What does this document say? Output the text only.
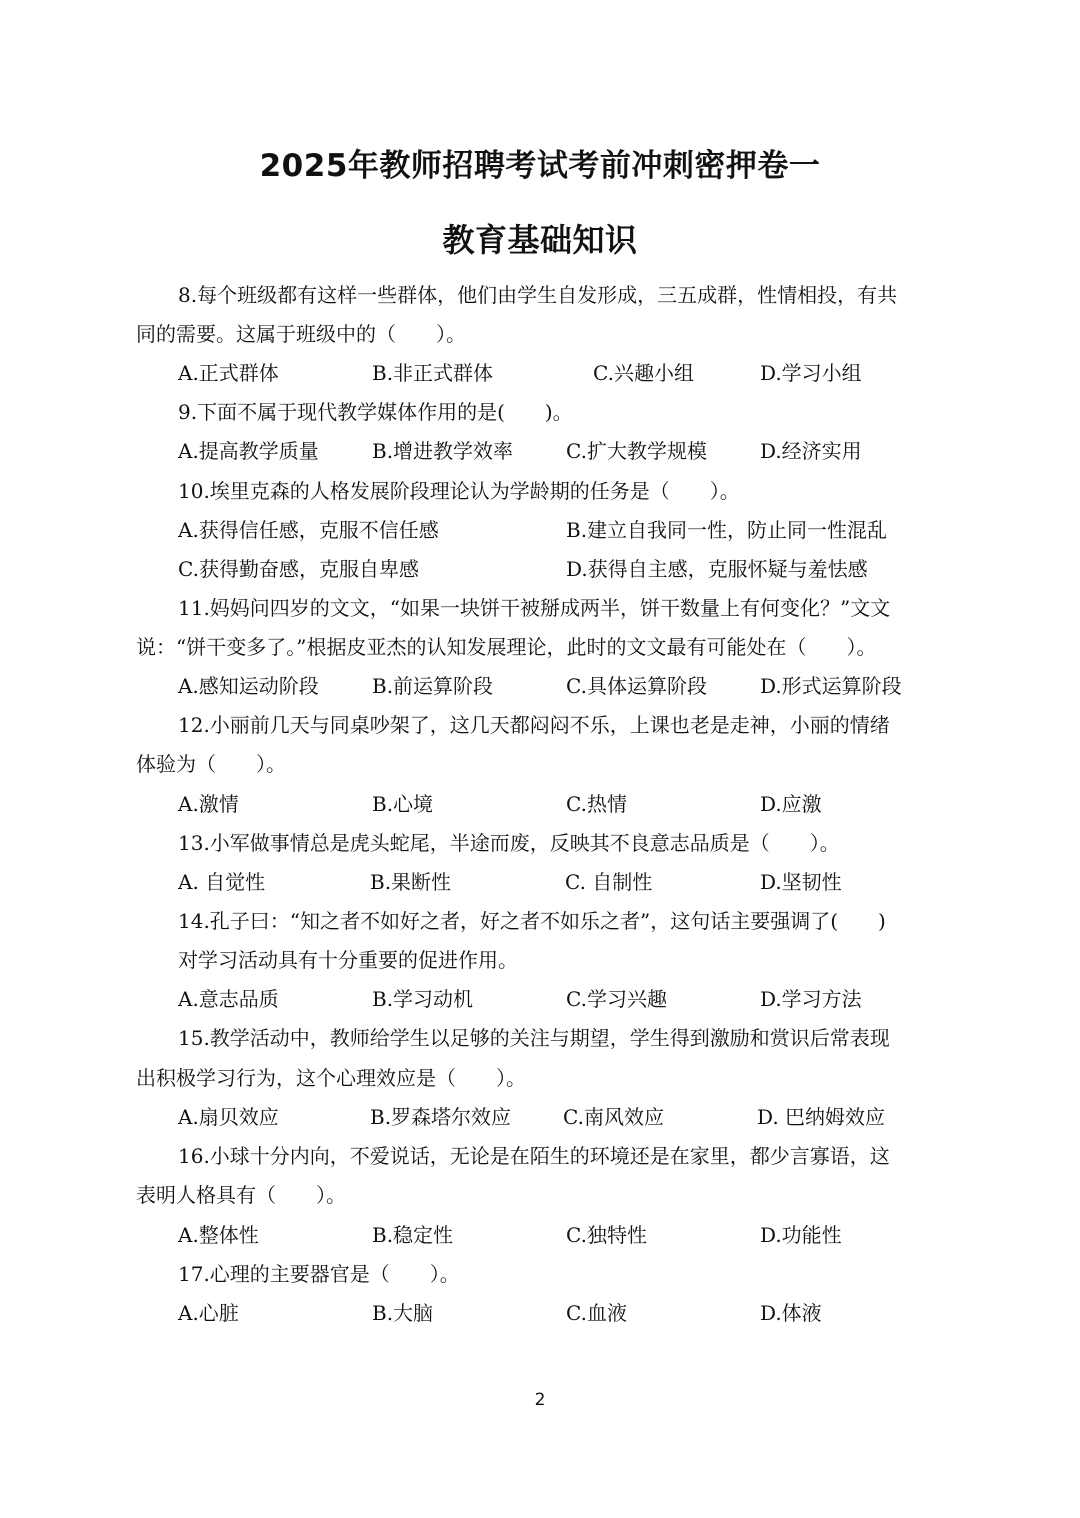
2025年教师招聘考试考前冲刺密押卷一
教育基础知识
8.每个班级都有这样一些群体，他们由学生自发形成，三五成群，性情相投，有共
同的需要。这属于班级中的（　　）。
A.正式群体	B.非正式群体	C.兴趣小组	D.学习小组
9.下面不属于现代教学媒体作用的是(　　)。
A.提高教学质量	B.增进教学效率	C.扩大教学规模	D.经济实用
10.埃里克森的人格发展阶段理论认为学龄期的任务是（　　）。
A.获得信任感，克服不信任感	B.建立自我同一性，防止同一性混乱
C.获得勤奋感，克服自卑感	D.获得自主感，克服怀疑与羞怯感
11.妈妈问四岁的文文，“如果一块饼干被掰成两半，饼干数量上有何变化？”文文
说：“饼干变多了。”根据皮亚杰的认知发展理论，此时的文文最有可能处在（　　）。
A.感知运动阶段	B.前运算阶段	C.具体运算阶段	D.形式运算阶段
12.小丽前几天与同桌吵架了，这几天都闷闷不乐，上课也老是走神，小丽的情绪
体验为（　　）。
A.激情	B.心境	C.热情	D.应激
13.小军做事情总是虎头蛇尾，半途而废，反映其不良意志品质是（　　）。
A. 自觉性	B.果断性	C. 自制性	D.坚韧性
14.孔子曰：“知之者不如好之者，好之者不如乐之者”，这句话主要强调了(　　)
对学习活动具有十分重要的促进作用。
A.意志品质	B.学习动机	C.学习兴趣	D.学习方法
15.教学活动中，教师给学生以足够的关注与期望，学生得到激励和赏识后常表现
出积极学习行为，这个心理效应是（　　）。
A.扇贝效应	B.罗森塔尔效应	C.南风效应	D. 巴纳姆效应
16.小球十分内向，不爱说话，无论是在陌生的环境还是在家里，都少言寡语，这
表明人格具有（　　）。
A.整体性	B.稳定性	C.独特性	D.功能性
17.心理的主要器官是（　　）。
A.心脏	B.大脑	C.血液	D.体液
2
